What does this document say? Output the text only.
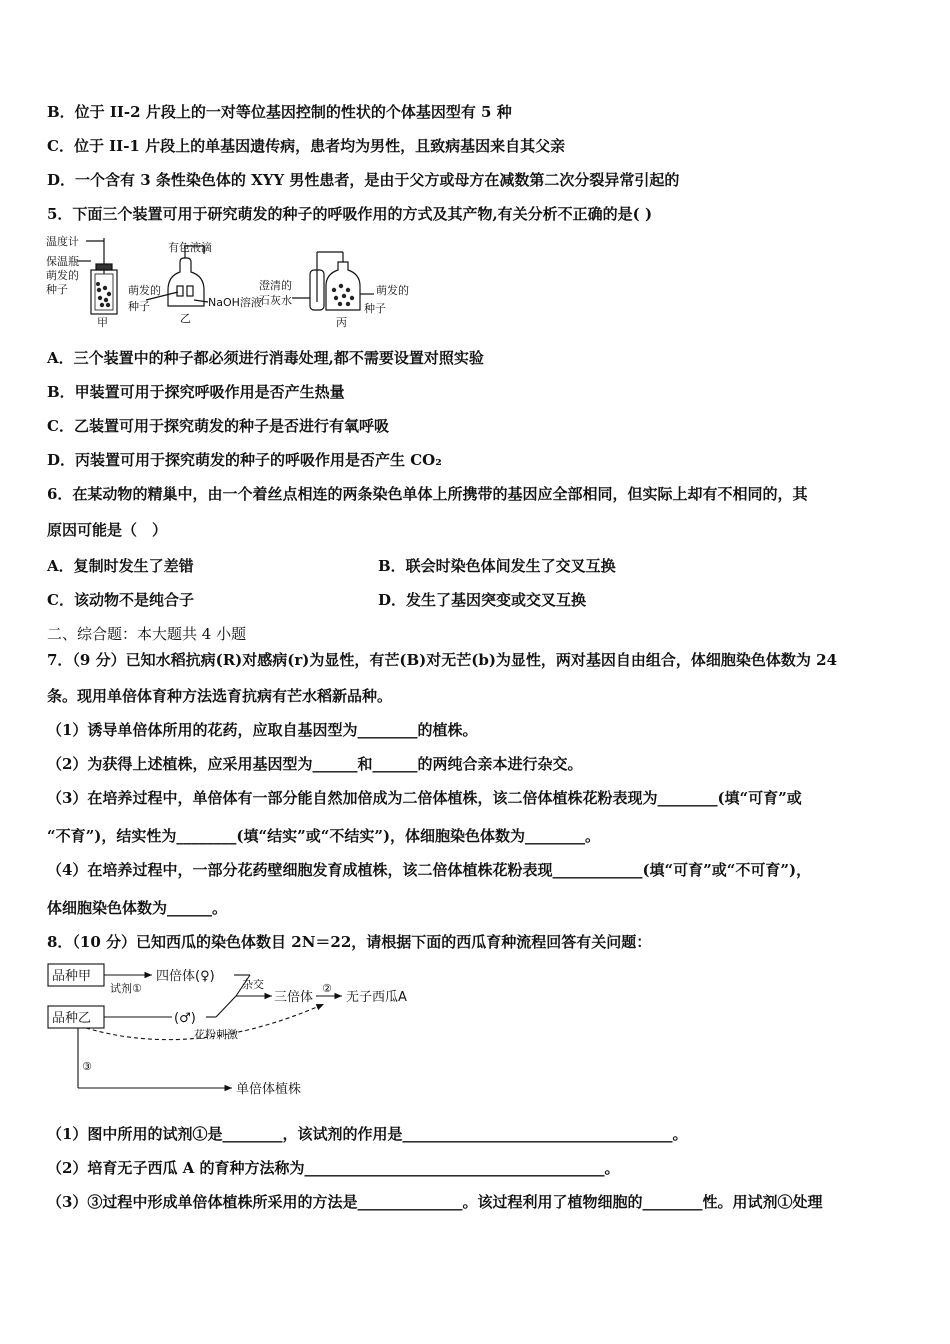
B．位于 II-2 片段上的一对等位基因控制的性状的个体基因型有 5 种
C．位于 II-1 片段上的单基因遗传病，患者均为男性，且致病基因来自其父亲
D．一个含有 3 条性染色体的 XYY 男性患者，是由于父方或母方在减数第二次分裂异常引起的
5．下面三个装置可用于研究萌发的种子的呼吸作用的方式及其产物,有关分析不正确的是( )
温度计
保温瓶
萌发的
种子
甲
有色液滴
萌发的
种子	NaOH溶液
乙
澄清的
石灰水
萌发的
种子
丙
A．三个装置中的种子都必须进行消毒处理,都不需要设置对照实验
B．甲装置可用于探究呼吸作用是否产生热量
C．乙装置可用于探究萌发的种子是否进行有氧呼吸
D．丙装置可用于探究萌发的种子的呼吸作用是否产生 CO₂
6．在某动物的精巢中，由一个着丝点相连的两条染色单体上所携带的基因应全部相同，但实际上却有不相同的，其
原因可能是（　）
A．复制时发生了差错	B．联会时染色体间发生了交叉互换
C．该动物不是纯合子	D．发生了基因突变或交叉互换
二、综合题：本大题共 4 小题
7．（9 分）已知水稻抗病(R)对感病(r)为显性，有芒(B)对无芒(b)为显性，两对基因自由组合，体细胞染色体数为 24
条。现用单倍体育种方法选育抗病有芒水稻新品种。
（1）诱导单倍体所用的花药，应取自基因型为________的植株。
（2）为获得上述植株，应采用基因型为______和______的两纯合亲本进行杂交。
（3）在培养过程中，单倍体有一部分能自然加倍成为二倍体植株，该二倍体植株花粉表现为________(填“可育”或
“不育”)，结实性为________(填“结实”或“不结实”)，体细胞染色体数为________。
（4）在培养过程中，一部分花药壁细胞发育成植株，该二倍体植株花粉表现____________(填“可育”或“不可育”)，
体细胞染色体数为______。
8．（10 分）已知西瓜的染色体数目 2N＝22，请根据下面的西瓜育种流程回答有关问题：
品种甲
品种乙
四倍体(♀)
(♂)
三倍体	无子西瓜A
单倍体植株
试剂①	杂交	②
花粉刺激
③
（1）图中所用的试剂①是________，该试剂的作用是____________________________________。
（2）培育无子西瓜 A 的育种方法称为________________________________________。
（3）③过程中形成单倍体植株所采用的方法是______________。该过程利用了植物细胞的________性。用试剂①处理
